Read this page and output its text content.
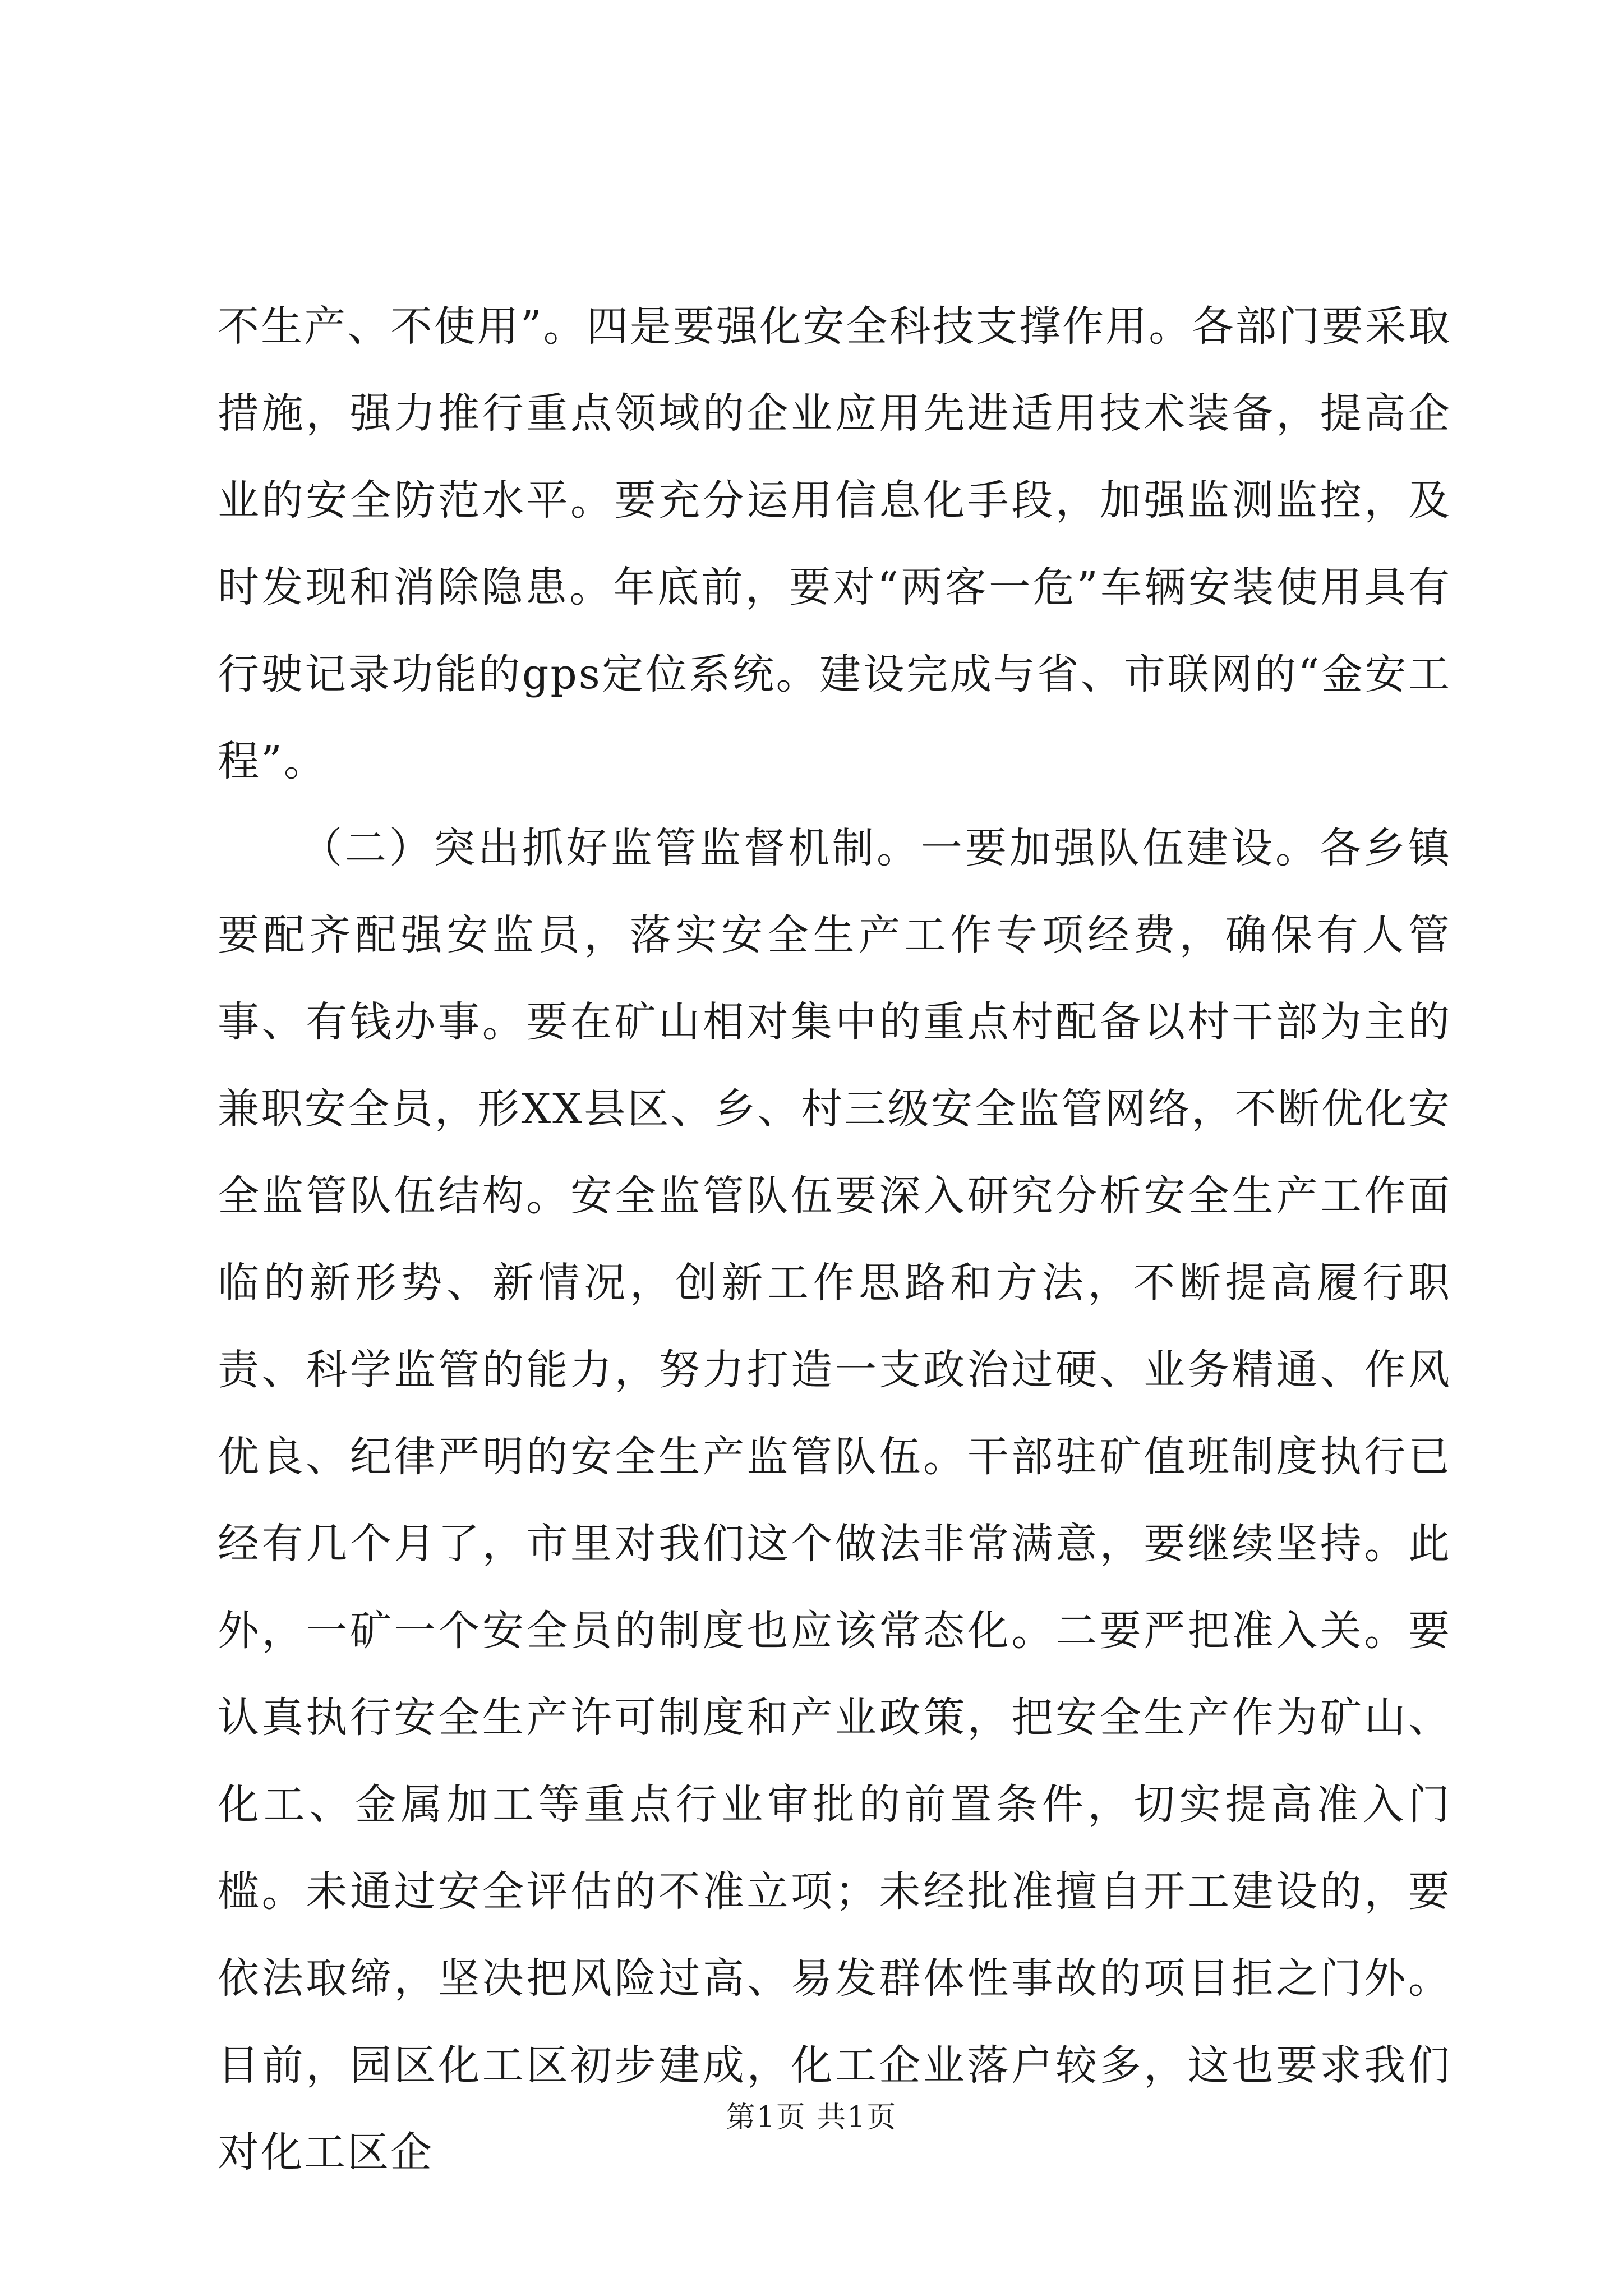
不生产、不使用”。四是要强化安全科技支撑作用。各部门要采取措施，强力推行重点领域的企业应用先进适用技术装备，提高企业的安全防范水平。要充分运用信息化手段，加强监测监控，及时发现和消除隐患。年底前，要对“两客一危”车辆安装使用具有行驶记录功能的gps定位系统。建设完成与省、市联网的“金安工程”。

（二）突出抓好监管监督机制。一要加强队伍建设。各乡镇要配齐配强安监员，落实安全生产工作专项经费，确保有人管事、有钱办事。要在矿山相对集中的重点村配备以村干部为主的兼职安全员，形XX县区、乡、村三级安全监管网络，不断优化安全监管队伍结构。安全监管队伍要深入研究分析安全生产工作面临的新形势、新情况，创新工作思路和方法，不断提高履行职责、科学监管的能力，努力打造一支政治过硬、业务精通、作风优良、纪律严明的安全生产监管队伍。干部驻矿值班制度执行已经有几个月了，市里对我们这个做法非常满意，要继续坚持。此外，一矿一个安全员的制度也应该常态化。二要严把准入关。要认真执行安全生产许可制度和产业政策，把安全生产作为矿山、化工、金属加工等重点行业审批的前置条件，切实提高准入门槛。未通过安全评估的不准立项；未经批准擅自开工建设的，要依法取缔，坚决把风险过高、易发群体性事故的项目拒之门外。目前，园区化工区初步建成，化工企业落户较多，这也要求我们对化工区企

第1页 共1页
